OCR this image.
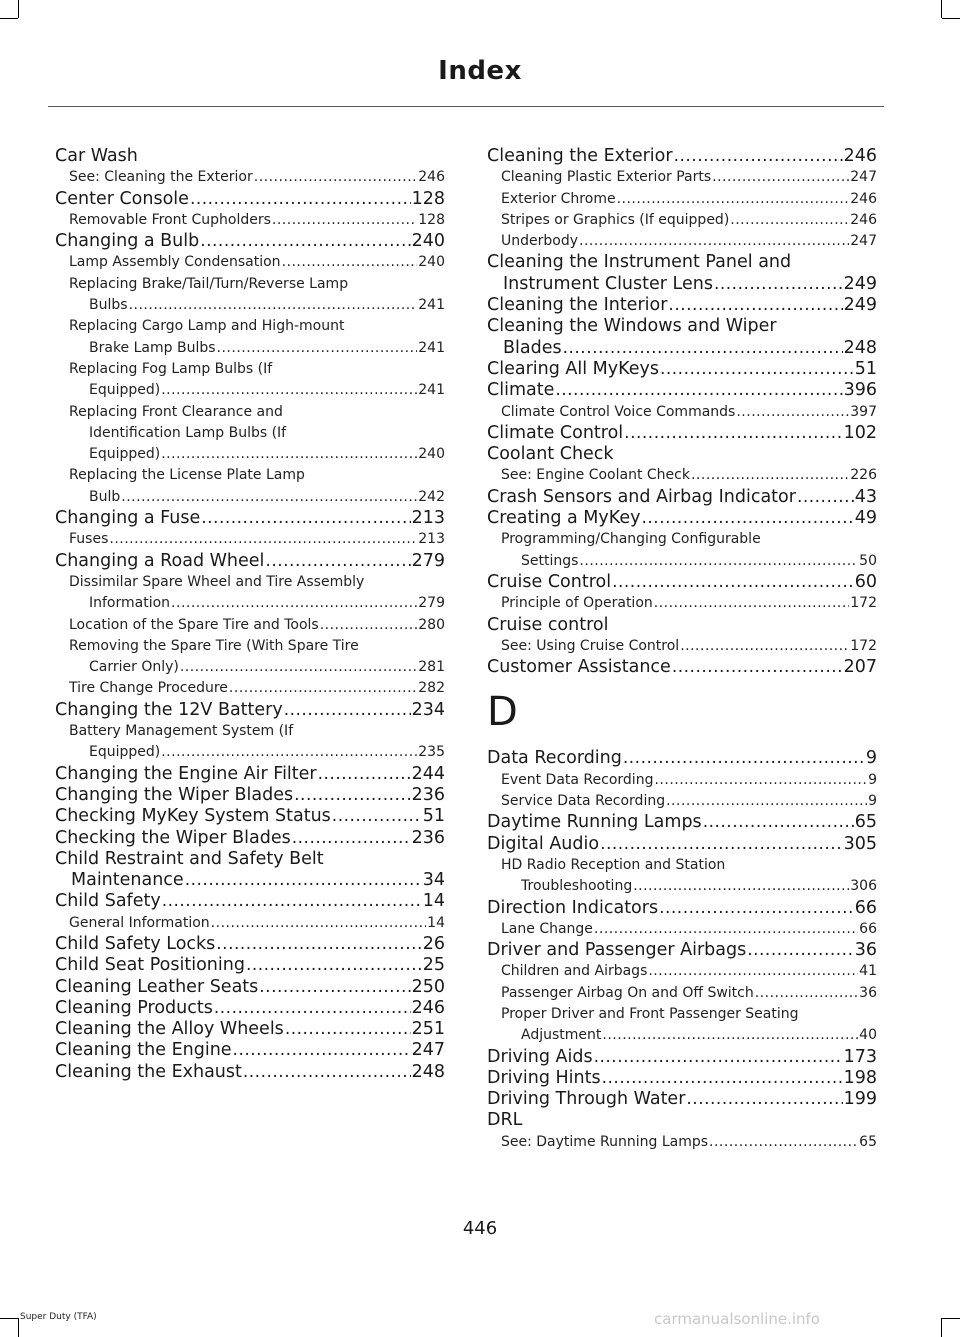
Index
Car Wash
See: Cleaning the Exterior .....	246
Center Console .....	128
Removable Front Cupholders .....	128
Changing a Bulb .....	240
Lamp Assembly Condensation .....	240
Replacing Brake/Tail/Turn/Reverse Lamp
Bulbs .....	241
Replacing Cargo Lamp and High-mount
Brake Lamp Bulbs .....	241
Replacing Fog Lamp Bulbs (If
Equipped) .....	241
Replacing Front Clearance and
Identification Lamp Bulbs (If
Equipped) .....	240
Replacing the License Plate Lamp
Bulb .....	242
Changing a Fuse .....	213
Fuses .....	213
Changing a Road Wheel .....	279
Dissimilar Spare Wheel and Tire Assembly
Information .....	279
Location of the Spare Tire and Tools .....	280
Removing the Spare Tire (With Spare Tire
Carrier Only) .....	281
Tire Change Procedure .....	282
Changing the 12V Battery .....	234
Battery Management System (If
Equipped) .....	235
Changing the Engine Air Filter .....	244
Changing the Wiper Blades .....	236
Checking MyKey System Status .....	51
Checking the Wiper Blades .....	236
Child Restraint and Safety Belt
Maintenance .....	34
Child Safety .....	14
General Information .....	14
Child Safety Locks .....	26
Child Seat Positioning .....	25
Cleaning Leather Seats .....	250
Cleaning Products .....	246
Cleaning the Alloy Wheels .....	251
Cleaning the Engine .....	247
Cleaning the Exhaust .....	248
Cleaning the Exterior .....	246
Cleaning Plastic Exterior Parts .....	247
Exterior Chrome .....	246
Stripes or Graphics (If equipped) .....	246
Underbody .....	247
Cleaning the Instrument Panel and
Instrument Cluster Lens .....	249
Cleaning the Interior .....	249
Cleaning the Windows and Wiper
Blades .....	248
Clearing All MyKeys .....	51
Climate .....	396
Climate Control Voice Commands .....	397
Climate Control .....	102
Coolant Check
See: Engine Coolant Check .....	226
Crash Sensors and Airbag Indicator .....	43
Creating a MyKey .....	49
Programming/Changing Configurable
Settings .....	50
Cruise Control .....	60
Principle of Operation .....	172
Cruise control
See: Using Cruise Control .....	172
Customer Assistance .....	207
D
Data Recording .....	9
Event Data Recording .....	9
Service Data Recording .....	9
Daytime Running Lamps .....	65
Digital Audio .....	305
HD Radio Reception and Station
Troubleshooting .....	306
Direction Indicators .....	66
Lane Change .....	66
Driver and Passenger Airbags .....	36
Children and Airbags .....	41
Passenger Airbag On and Off Switch .....	36
Proper Driver and Front Passenger Seating
Adjustment .....	40
Driving Aids .....	173
Driving Hints .....	198
Driving Through Water .....	199
DRL
See: Daytime Running Lamps .....	65
446
Super Duty (TFA)	carmanualsonline.info
